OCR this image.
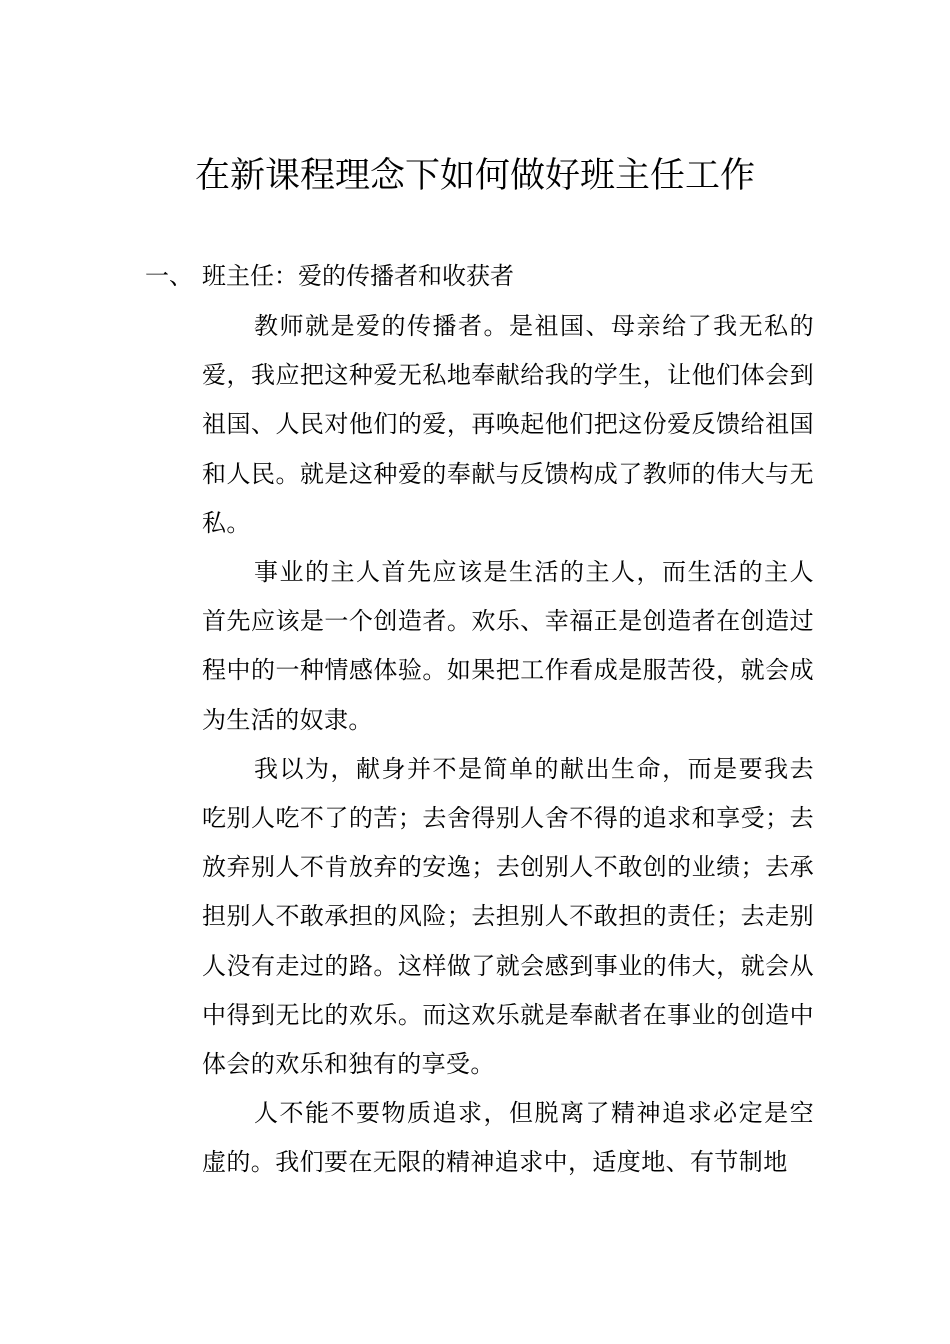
在新课程理念下如何做好班主任工作
一、 班主任：爱的传播者和收获者

教师就是爱的传播者。是祖国、母亲给了我无私的爱，我应把这种爱无私地奉献给我的学生，让他们体会到祖国、人民对他们的爱，再唤起他们把这份爱反馈给祖国和人民。就是这种爱的奉献与反馈构成了教师的伟大与无私。

事业的主人首先应该是生活的主人，而生活的主人首先应该是一个创造者。欢乐、幸福正是创造者在创造过程中的一种情感体验。如果把工作看成是服苦役，就会成为生活的奴隶。

我以为，献身并不是简单的献出生命，而是要我去吃别人吃不了的苦；去舍得别人舍不得的追求和享受；去放弃别人不肯放弃的安逸；去创别人不敢创的业绩；去承担别人不敢承担的风险；去担别人不敢担的责任；去走别人没有走过的路。这样做了就会感到事业的伟大，就会从中得到无比的欢乐。而这欢乐就是奉献者在事业的创造中体会的欢乐和独有的享受。

人不能不要物质追求，但脱离了精神追求必定是空虚的。我们要在无限的精神追求中，适度地、有节制地
